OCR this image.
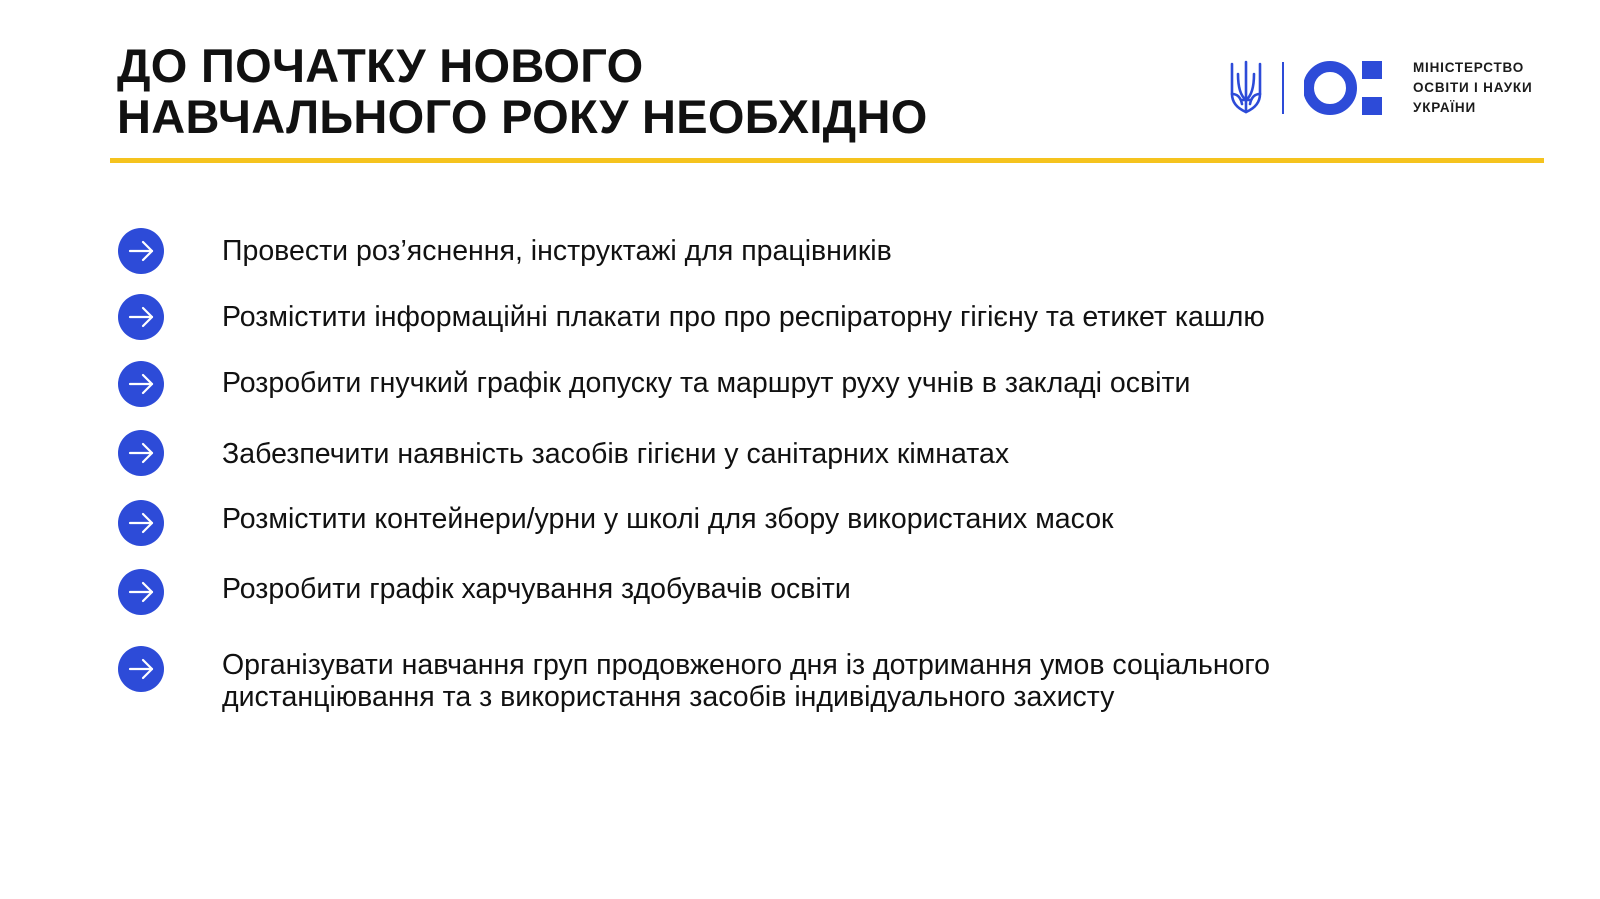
ДО ПОЧАТКУ НОВОГО
НАВЧАЛЬНОГО РОКУ НЕОБХІДНО
МІНІСТЕРСТВО
ОСВІТИ І НАУКИ
УКРАЇНИ
Провести роз’яснення, інструктажі для працівників
Розмістити інформаційні плакати про про респіраторну гігієну та етикет кашлю
Розробити гнучкий графік допуску та маршрут руху учнів в закладі освіти
Забезпечити наявність засобів гігієни у санітарних кімнатах
Розмістити контейнери/урни у школі для збору використаних масок
Розробити графік харчування здобувачів освіти
Організувати навчання груп продовженого дня із дотримання умов соціального
дистанціювання та з використання засобів індивідуального захисту
